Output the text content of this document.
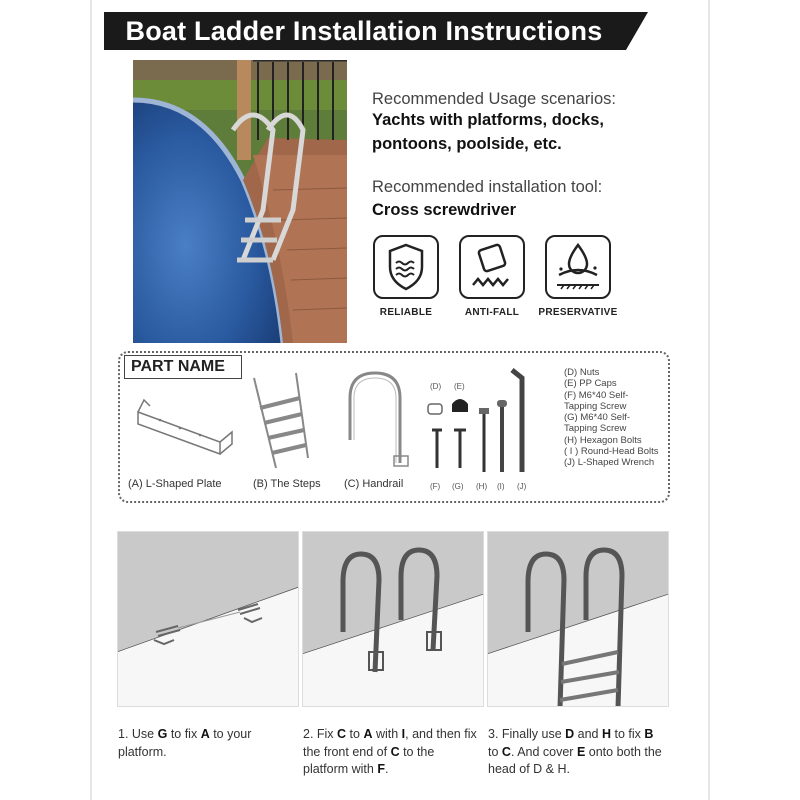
Boat Ladder Installation Instructions
Recommended Usage scenarios:
Yachts with platforms, docks,
pontoons, poolside, etc.
Recommended installation tool:
Cross screwdriver
RELIABLE	ANTI-FALL	PRESERVATIVE
PART NAME
(A) L-Shaped Plate	(B) The Steps (C) Handrail
(D) (E)
(F) (G) (H) (I) (J)
(D) Nuts
(E) PP Caps
(F) M6*40 Self-
Tapping Screw
(G) M6*40 Self-
Tapping Screw
(H) Hexagon Bolts
( I ) Round-Head Bolts
(J) L-Shaped Wrench
1. Use G to fix A to your platform.
2. Fix C to A with I, and then fix the front end of C to the platform with F.
3. Finally use D and H to fix B to C. And cover E onto both the head of D & H.
